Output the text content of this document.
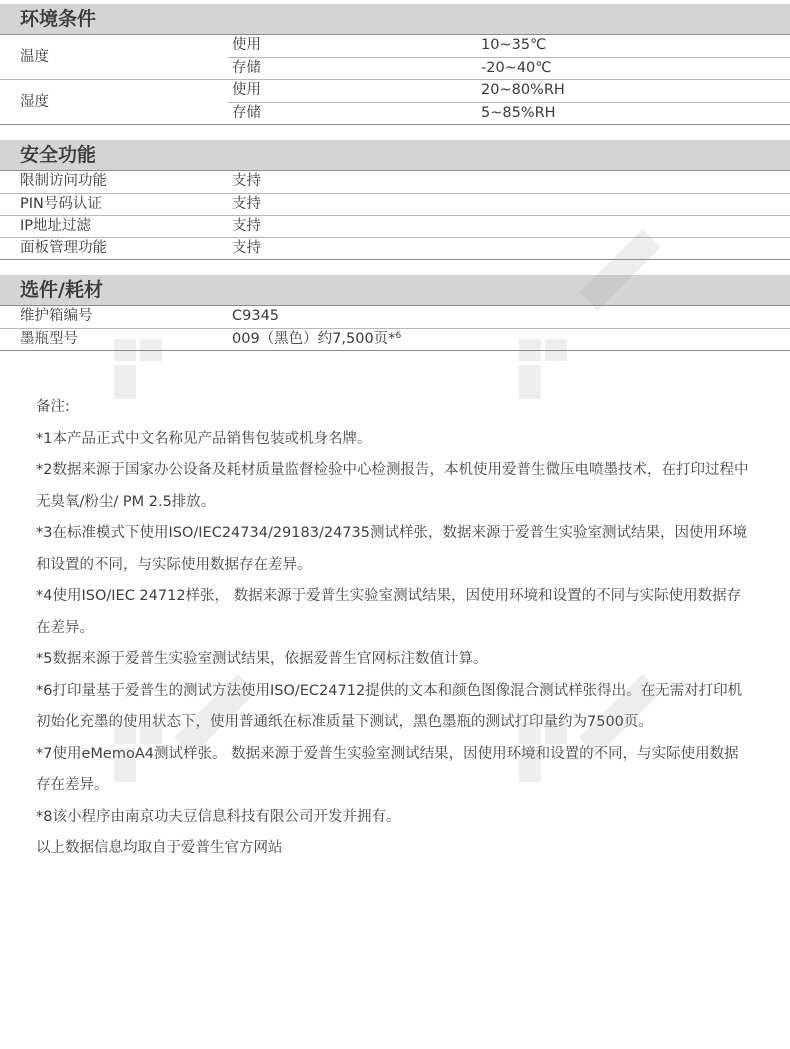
环境条件
温度
使用	10~35℃
存储	-20~40℃
湿度
使用	20~80%RH
存储	5~85%RH
安全功能
限制访问功能	支持
PIN号码认证	支持
IP地址过滤	支持
面板管理功能	支持
选件/耗材
维护箱编号	C9345
墨瓶型号	009（黑色）约7,500页*$^6$

备注:

*1本产品正式中文名称见产品销售包装或机身名牌。

*2数据来源于国家办公设备及耗材质量监督检验中心检测报告，本机使用爱普生微压电喷墨技术，在打印过程中无臭氧/粉尘/ PM 2.5排放。

*3在标准模式下使用ISO/IEC24734/29183/24735测试样张，数据来源于爱普生实验室测试结果，因使用环境和设置的不同，与实际使用数据存在差异。

*4使用ISO/IEC 24712样张， 数据来源于爱普生实验室测试结果，因使用环境和设置的不同与实际使用数据存在差异。

*5数据来源于爱普生实验室测试结果，依据爱普生官网标注数值计算。

*6打印量基于爱普生的测试方法使用ISO/EC24712提供的文本和颜色图像混合测试样张得出。在无需对打印机初始化充墨的使用状态下，使用普通纸在标准质量下测试，黑色墨瓶的测试打印量约为7500页。

*7使用eMemoA4测试样张。 数据来源于爱普生实验室测试结果，因使用环境和设置的不同，与实际使用数据存在差异。

*8该小程序由南京功夫豆信息科技有限公司开发并拥有。

以上数据信息均取自于爱普生官方网站
